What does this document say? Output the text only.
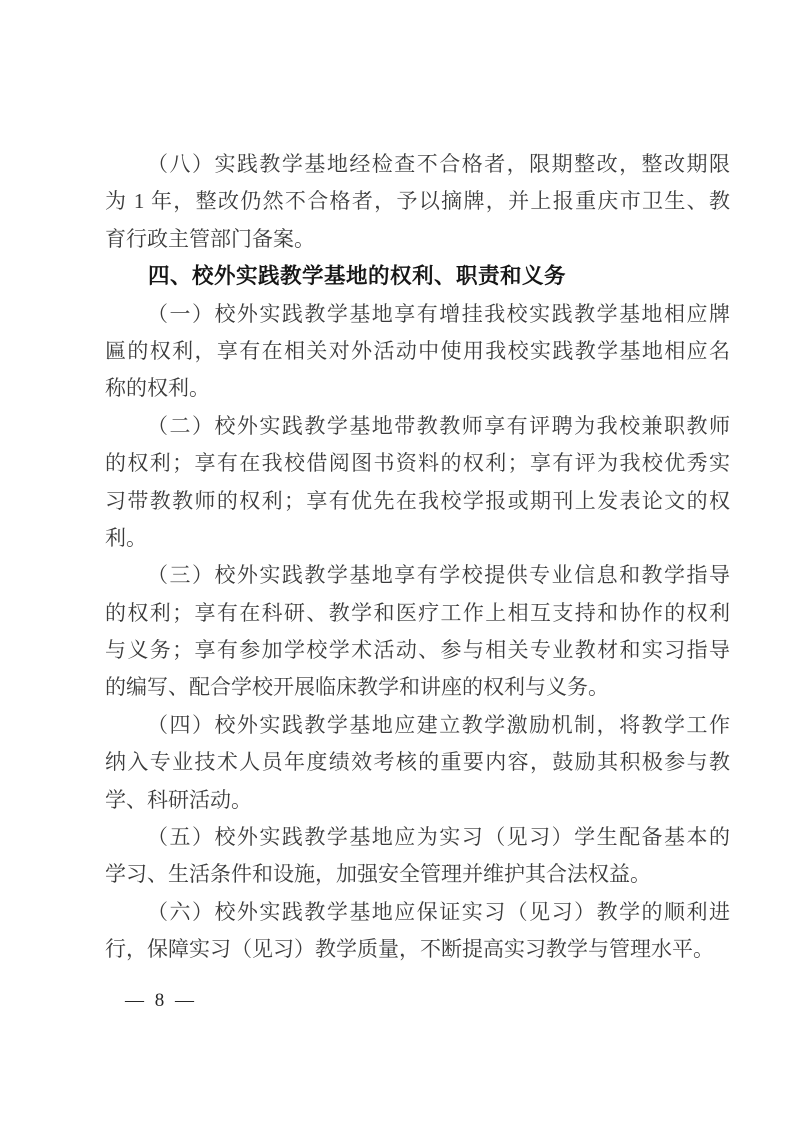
（八）实践教学基地经检查不合格者，限期整改，整改期限
为 1 年，整改仍然不合格者，予以摘牌，并上报重庆市卫生、教
育行政主管部门备案。
四、校外实践教学基地的权利、职责和义务
（一）校外实践教学基地享有增挂我校实践教学基地相应牌
匾的权利，享有在相关对外活动中使用我校实践教学基地相应名
称的权利。
（二）校外实践教学基地带教教师享有评聘为我校兼职教师
的权利；享有在我校借阅图书资料的权利；享有评为我校优秀实
习带教教师的权利；享有优先在我校学报或期刊上发表论文的权
利。
（三）校外实践教学基地享有学校提供专业信息和教学指导
的权利；享有在科研、教学和医疗工作上相互支持和协作的权利
与义务；享有参加学校学术活动、参与相关专业教材和实习指导
的编写、配合学校开展临床教学和讲座的权利与义务。
（四）校外实践教学基地应建立教学激励机制，将教学工作
纳入专业技术人员年度绩效考核的重要内容，鼓励其积极参与教
学、科研活动。
（五）校外实践教学基地应为实习（见习）学生配备基本的
学习、生活条件和设施，加强安全管理并维护其合法权益。
（六）校外实践教学基地应保证实习（见习）教学的顺利进
行，保障实习（见习）教学质量，不断提高实习教学与管理水平。
— 8 —
